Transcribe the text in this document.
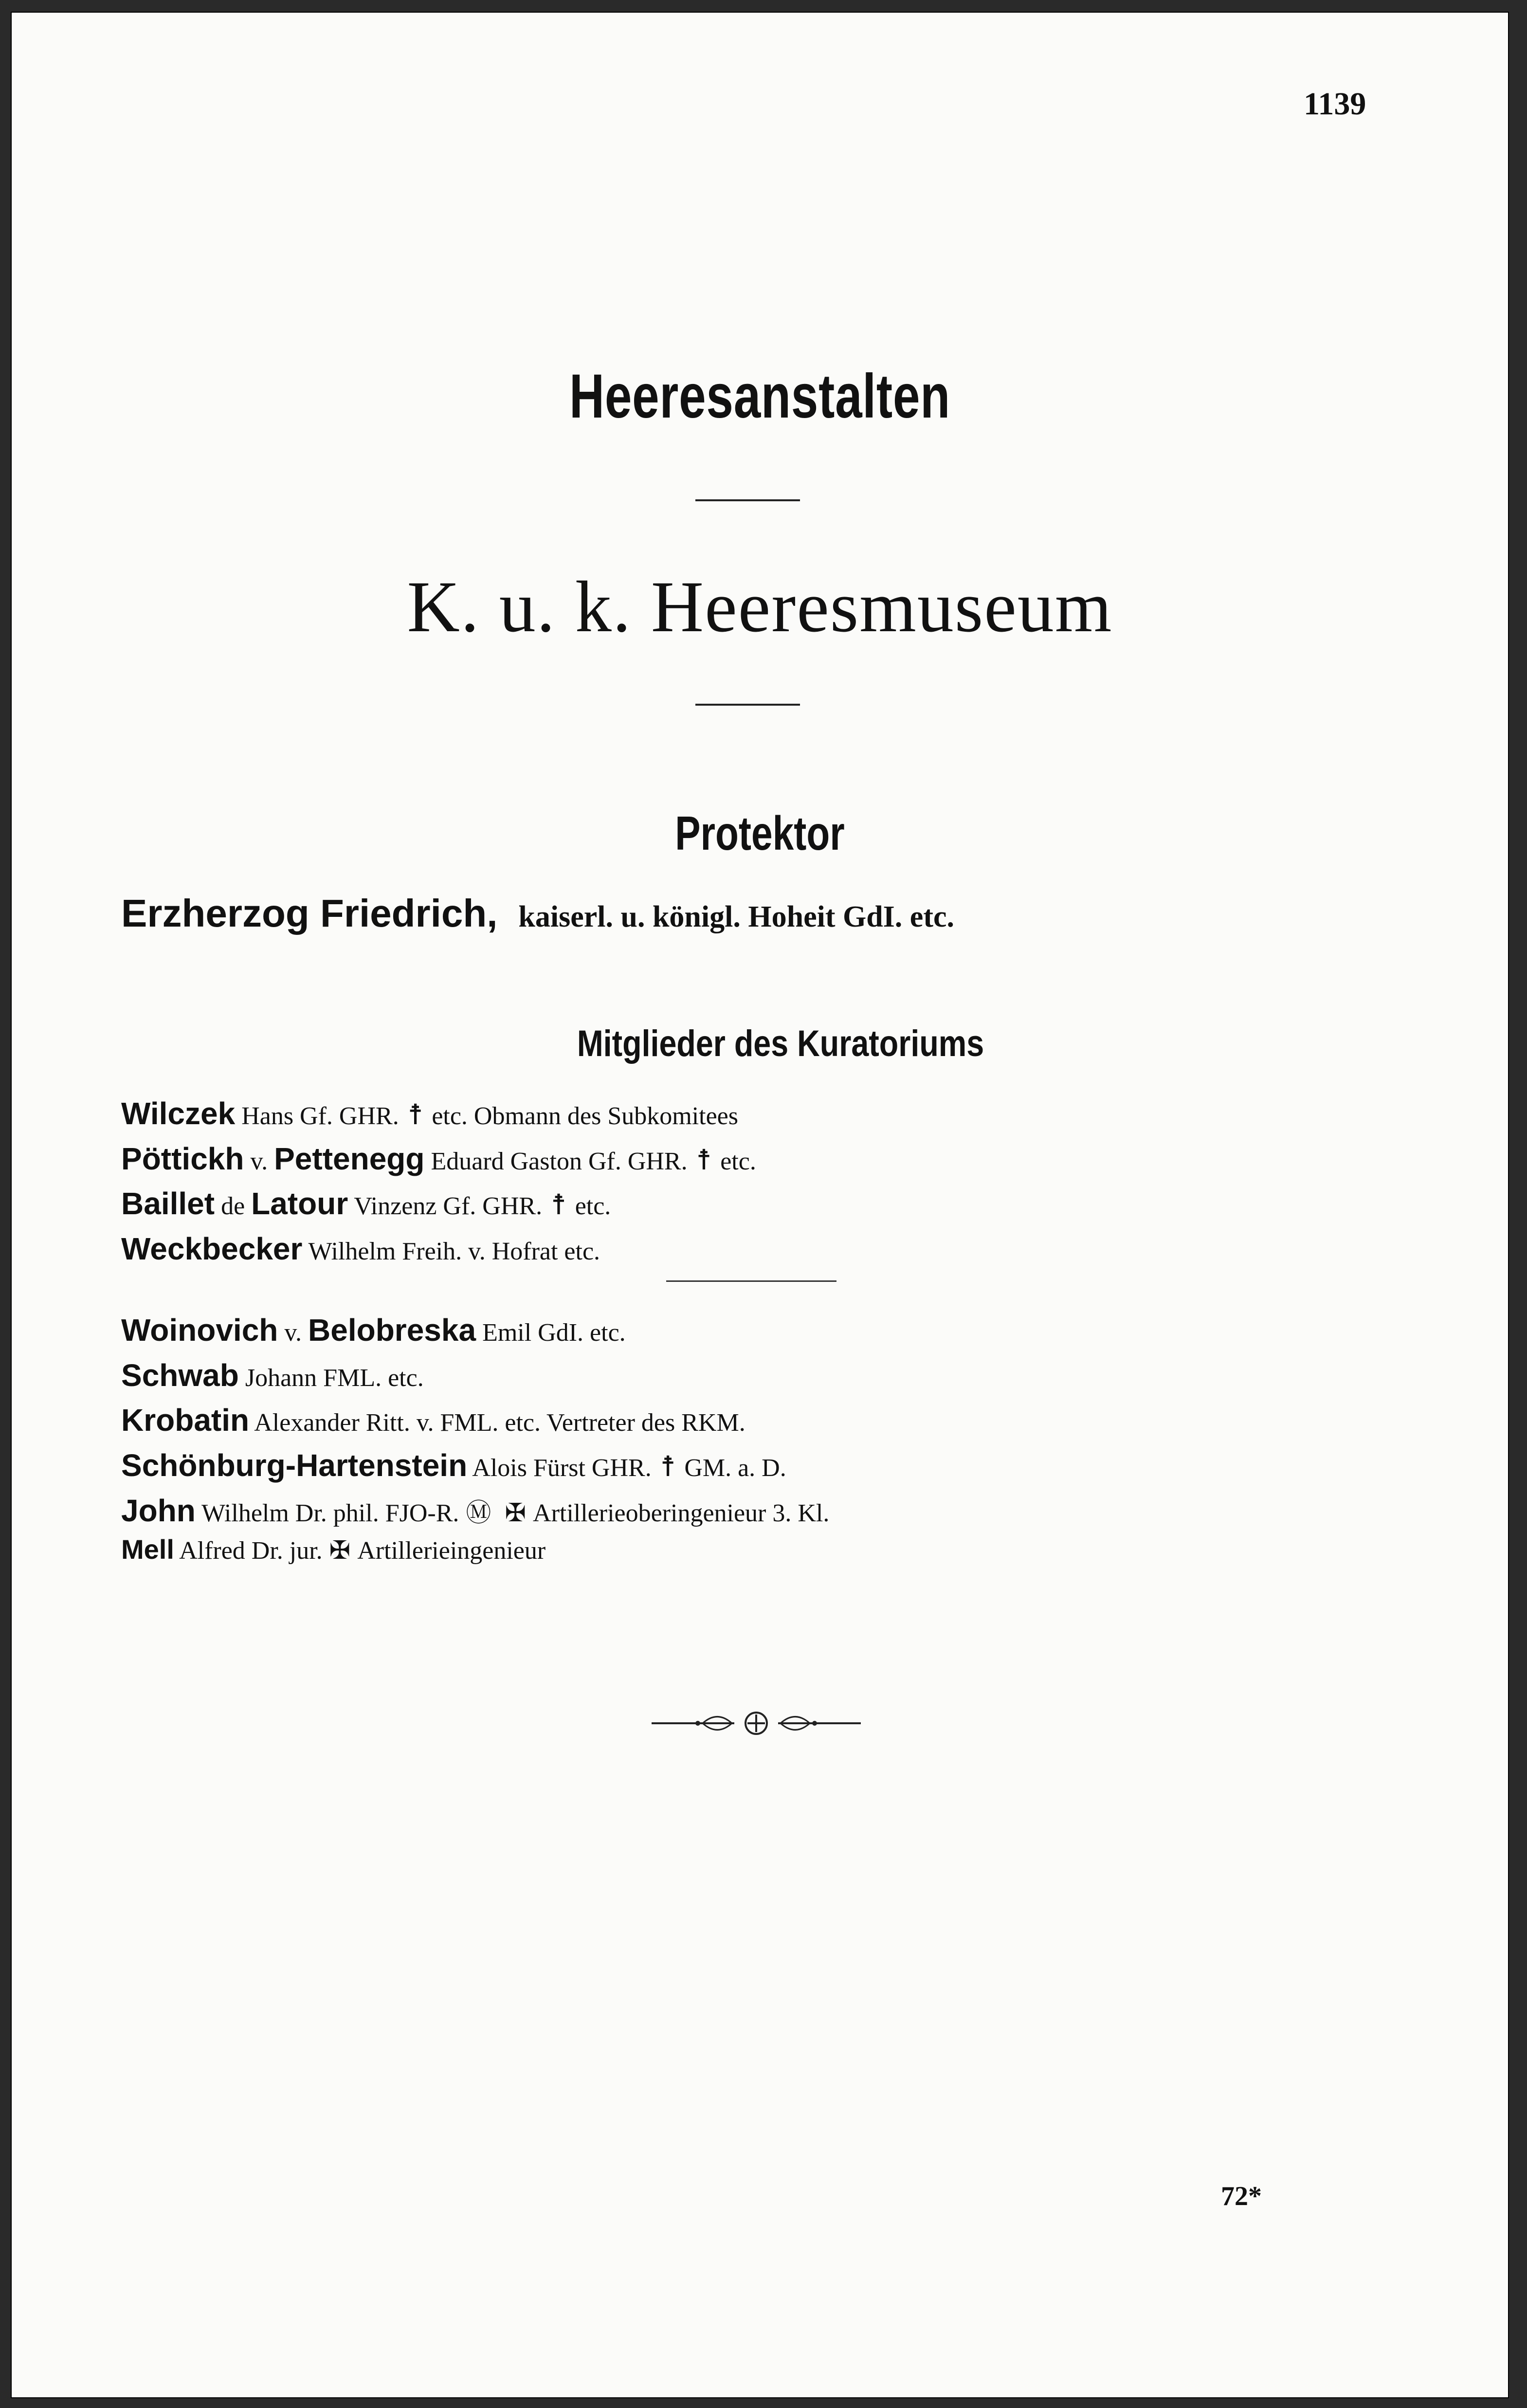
1139
Heeresanstalten
K. u. k. Heeresmuseum
Protektor
Erzherzog Friedrich, kaiserl. u. königl. Hoheit GdI. etc.
Mitglieder des Kuratoriums
Wilczek Hans Gf. GHR. ☨ etc. Obmann des Subkomitees
Pöttickh v. Pettenegg Eduard Gaston Gf. GHR. ☨ etc.
Baillet de Latour Vinzenz Gf. GHR. ☨ etc.
Weckbecker Wilhelm Freih. v. Hofrat etc.
Woinovich v. Belobreska Emil GdI. etc.
Schwab Johann FML. etc.
Krobatin Alexander Ritt. v. FML. etc. Vertreter des RKM.
Schönburg-Hartenstein Alois Fürst GHR. ☨ GM. a. D.
John Wilhelm Dr. phil. FJO-R. Ⓜ ✠ Artillerieoberingenieur 3. Kl.
Mell Alfred Dr. jur. ✠ Artillerieingenieur
72*
